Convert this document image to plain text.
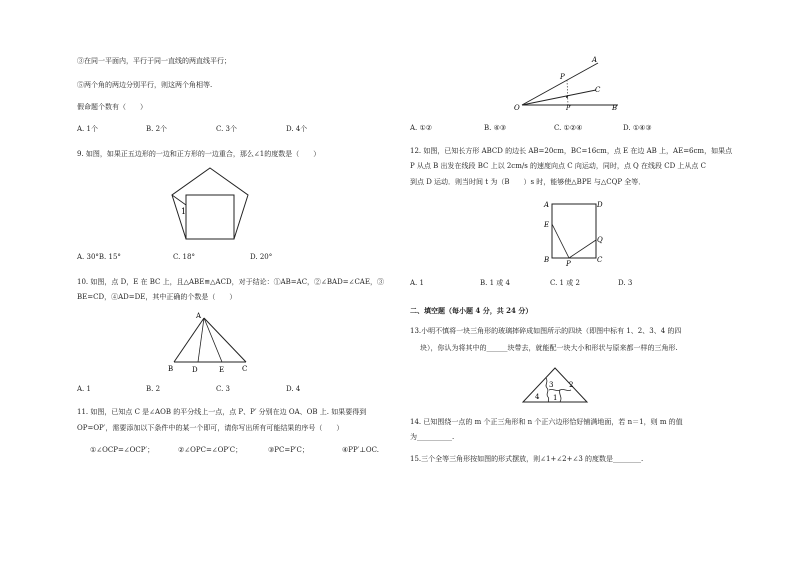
③在同一平面内，平行于同一直线的两直线平行；
⑤两个角的两边分别平行，则这两个角相等.
假命题个数有（　　）
A. 1个	B. 2个	C. 3个	D. 4个
9. 如图，如果正五边形的一边和正方形的一边重合，那么∠1的度数是（　　）
1
A. 30°B. 15°	C. 18°	D. 20°
10. 如图，点 D，E 在 BC 上，且△ABE≌△ACD，对于结论：①AB=AC，②∠BAD=∠CAE，③
BE=CD，④AD=DE，其中正确的个数是（　　）
A
B	D	E	C
A. 1	B. 2	C. 3	D. 4
11. 如图，已知点 C 是∠AOB 的平分线上一点，点 P、P′ 分别在边 OA、OB 上. 如果要得到
OP=OP′，需要添加以下条件中的某一个即可，请你写出所有可能结果的序号（　　）
①∠OCP=∠OCP′；	②∠OPC=∠OP′C；	③PC=P′C；	④PP′⊥OC.
A
P
C
O	P′	B
A. ①②	B. ④③	C. ①②④	D. ①④③
12. 如图，已知长方形 ABCD 的边长 AB=20cm，BC=16cm，点 E 在边 AB 上，AE=6cm，如果点
P 从点 B 出发在线段 BC 上以 2cm/s 的速度向点 C 向运动，同时，点 Q 在线段 CD 上从点 C
到点 D 运动．则当时间 t 为（B　　）s 时，能够使△BPE 与△CQP 全等．
A	D
E
Q
B P	C
A. 1	B. 1 或 4	C. 1 或 2	D. 3
二、填空题（每小题 4 分，共 24 分）
13.小明不慎将一块三角形的玻璃摔碎成如图所示的四块（即图中标有 1、2、3、4 的四
块），你认为将其中的______块带去，就能配一块大小和形状与原来都一样的三角形.
4
3 2
1
14. 已知围绕一点的 m 个正三角形和 n 个正六边形恰好铺满地面，若 n＝1，则 m 的值
为__________.
15.三个全等三角形按如图的形式摆放，则∠1+∠2+∠3 的度数是________.
